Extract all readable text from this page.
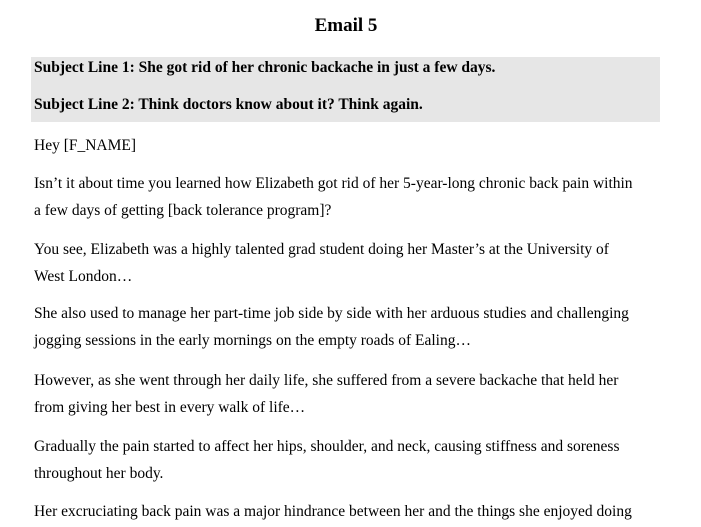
Email 5
Subject Line 1: She got rid of her chronic backache in just a few days.
Subject Line 2: Think doctors know about it? Think again.
Hey [F_NAME]
Isn’t it about time you learned how Elizabeth got rid of her 5-year-long chronic back pain within
a few days of getting [back tolerance program]?
You see, Elizabeth was a highly talented grad student doing her Master’s at the University of
West London…
She also used to manage her part-time job side by side with her arduous studies and challenging
jogging sessions in the early mornings on the empty roads of Ealing…
However, as she went through her daily life, she suffered from a severe backache that held her
from giving her best in every walk of life…
Gradually the pain started to affect her hips, shoulder, and neck, causing stiffness and soreness
throughout her body.
Her excruciating back pain was a major hindrance between her and the things she enjoyed doing
